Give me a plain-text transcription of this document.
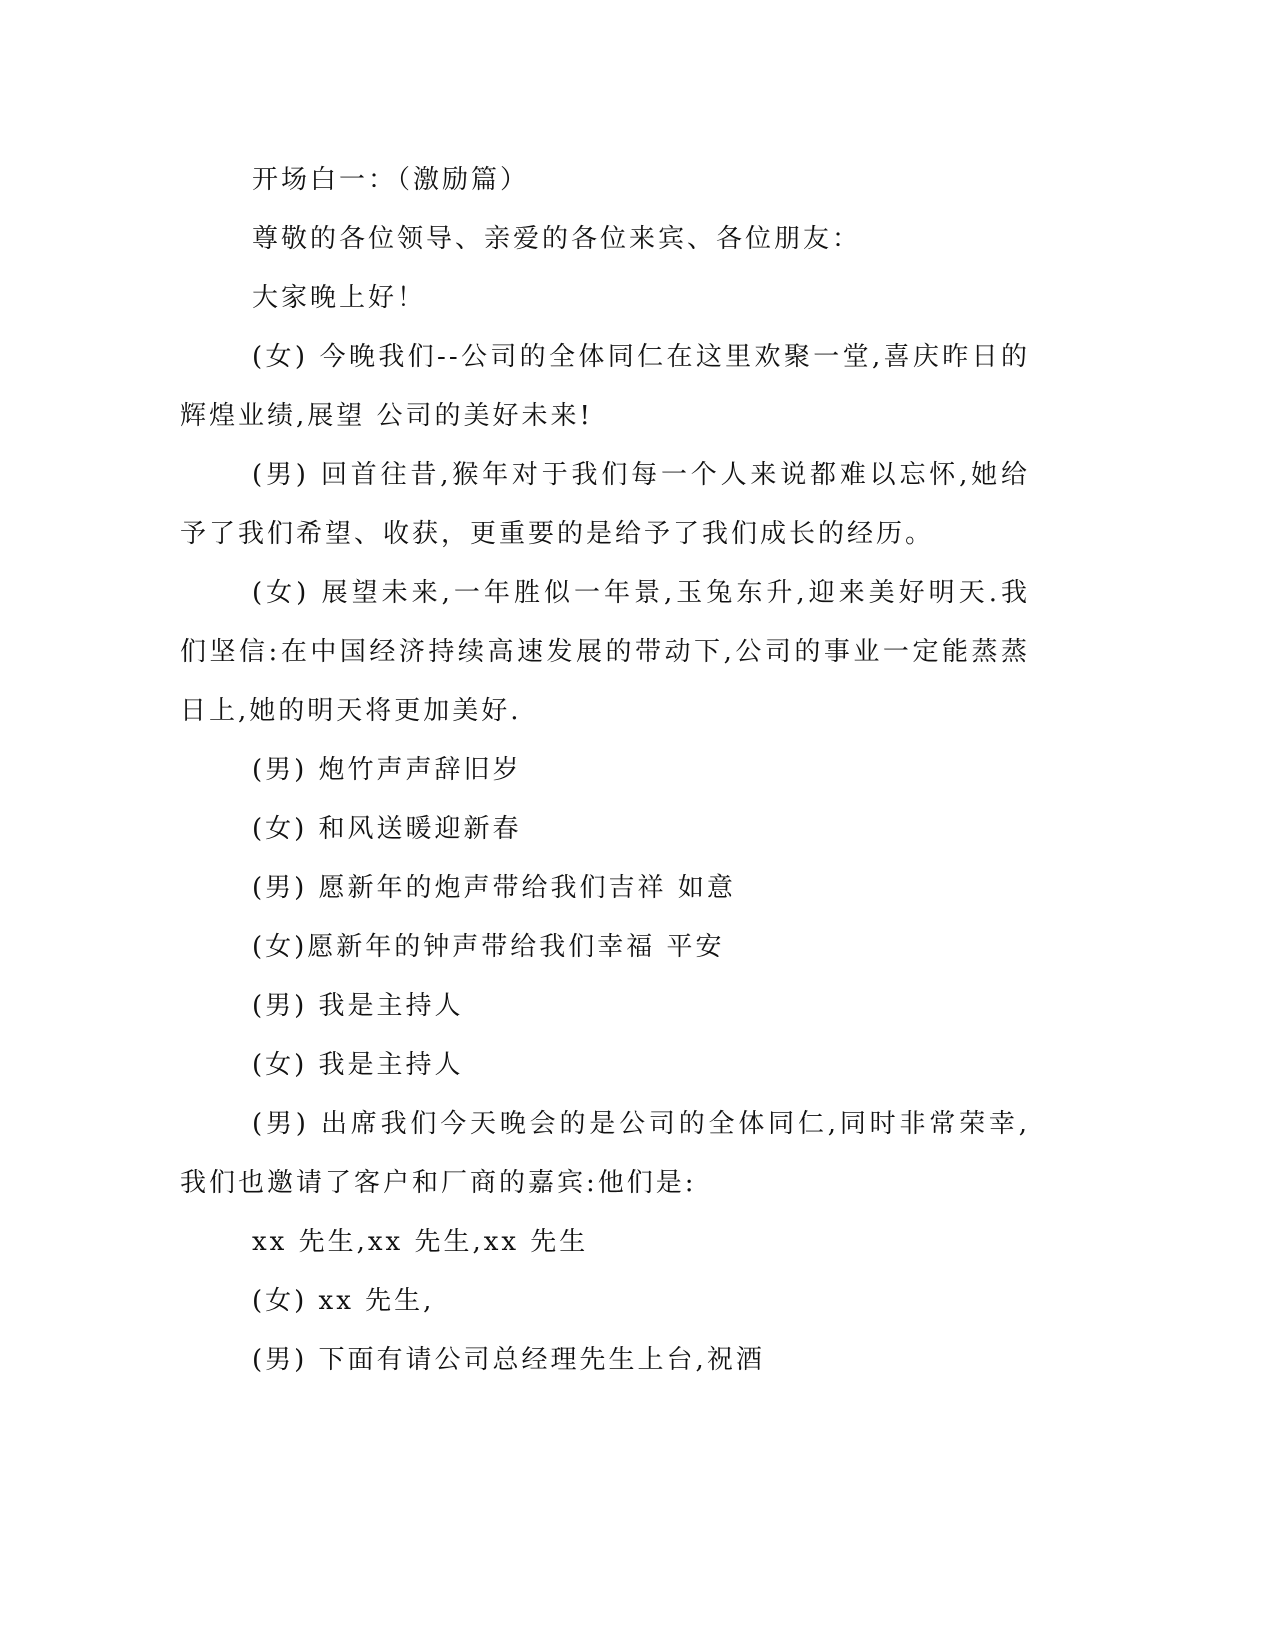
开场白一：（激励篇）

尊敬的各位领导、亲爱的各位来宾、各位朋友：

大家晚上好！

(女) 今晚我们--公司的全体同仁在这里欢聚一堂,喜庆昨日的辉煌业绩,展望 公司的美好未来!

(男) 回首往昔,猴年对于我们每一个人来说都难以忘怀,她给予了我们希望、收获，更重要的是给予了我们成长的经历。

(女) 展望未来,一年胜似一年景,玉兔东升,迎来美好明天.我们坚信:在中国经济持续高速发展的带动下,公司的事业一定能蒸蒸日上,她的明天将更加美好.

(男) 炮竹声声辞旧岁

(女) 和风送暖迎新春

(男) 愿新年的炮声带给我们吉祥 如意

(女)愿新年的钟声带给我们幸福 平安

(男) 我是主持人

(女) 我是主持人

(男) 出席我们今天晚会的是公司的全体同仁,同时非常荣幸,我们也邀请了客户和厂商的嘉宾:他们是:

xx 先生,xx 先生,xx 先生

(女) xx 先生,

(男) 下面有请公司总经理先生上台,祝酒
